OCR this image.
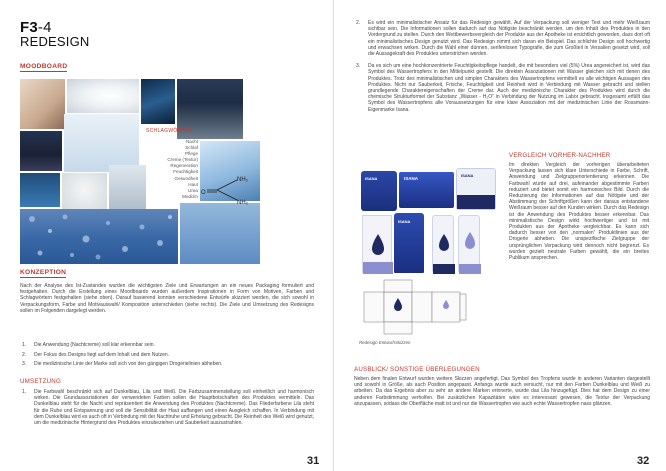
F3-4
REDESIGN
MOODBOARD
SCHLAGWÖRTER:
Nacht
Schlaf
Pflege
Creme (Textur)
Regeneration
Feuchtigkeit
Gesundheit
Haut
Urea
Medizin
NH₂
O
NH₂
KONZEPTION
Nach der Analyse des Ist-Zustandes wurden die wichtigsten Ziele und Erwartungen an ein neues Packaging formuliert und festgehalten. Durch die Erstellung eines Moodboards wurden außerdem Inspirationen in Form von Motiven, Farben und Schlagwörtern festgehalten (siehe oben). Darauf basierend konnten verschiedene Entwürfe skizziert werden, die sich sowohl in Verpackungsform, Farbe und Motivauswahl/ Komposition unterschieden (siehe rechts). Die Ziele und Umsetzung des Redesigns sollen im Folgenden dargelegt werden.
1.	Die Anwendung (Nachtcreme) soll klar erkennbar sein.
2.	Der Fokus des Designs liegt auf dem Inhalt und dem Nutzen.
3.	Die medizinische Linie der Marke soll sich von den gängigen Drogerielinien abheben.
UMSETZUNG
1.	Die Farbwahl beschränkt sich auf Dunkelblau, Lila und Weiß. Die Farbzusammenstellung soll einheitlich und harmonisch wirken. Die Grundassoziationen der verwendeten Farben sollen die Hauptbotschaften des Produktes vermitteln. Das Dunkelblau steht für die Nacht und repräsentiert die Anwendung des Produktes (Nachtcreme). Das Fliederfarbene Lila steht für die Ruhe und Entspannung und soll die Sensibilität der Haut auffangen und einen Ausgleich schaffen. In Verbindung mit dem Dunkelblau wird es auch oft in Verbindung mit der Nachtruhe und Erholung gebracht. Die Reinheit des Weiß wird genutzt, um die medizinische Hintergrund des Produktes einzubeziehen und Sauberkeit auszustrahlen.
31
2.	Es wird ein minimalistischer Ansatz für das Redesign gewählt. Auf der Verpackung soll weniger Text und mehr Weißraum sichtbar sein. Die Informationen sollen dadurch auf das Nötigste beschränkt werden, um den Inhalt des Produktes in den Vordergrund zu stellen. Durch den Wettbewerbsvergleich der Produkte aus der Apotheke ist ersichtlich geworden, dass dort oft ein minimalistisches Design genutzt wird. Das Redesign nimmt sich daran ein Beispiel. Das schlichte Design soll hochwertig und erwachsen wirken. Durch die Wahl einer dünnen, serifenlosen Typografie, die zum Großteil in Versalien gesetzt wird, soll die Aussagekraft des Produktes unterstrichen werden.
3.	Da es sich um eine hochkonzentrierte Feuchtigkeitspflege handelt, die mit besonders viel (5%) Urea angereichert ist, wird das Symbol des Wassertropfens in den Mittelpunkt gestellt. Die direkten Assoziationen mit Wasser gleichen sich mit denen des Produktes. Trotz des minimalistischen und simplen Charakters des Wassertropfens vermittelt es alle wichtigen Aussagen des Produktes. Nicht nur Sauberkeit, Frische, Feuchtigkeit und Reinheit wird in Verbindung mit Wasser gebracht und stellen grundlegende Charaktereigenschaften der Creme dar. Auch der medizinische Charakter des Produktes wird durch die chemische Strukturformel der Substanz „Wasser - H₂O“ in Verbindung der Nutzung im Labor gebracht. Insgesamt erfüllt das Symbol des Wassertropfens alle Voraussetzungen für eine klare Assoziation mit der medizinischen Linie der Rossmann-Eigenmarke Isana.
ISANA	ISANA
ISANA
ISANA
Redesign Entwurfsskizzen
VERGLEICH VORHER-NACHHER
Im direkten Vergleich der vorherigen überarbeiteten Verpackung lassen sich klare Unterschiede in Farbe, Schrift, Anwendung und Zielgruppenorientierung erkennen. Die Farbwahl wurde auf drei, aufeinander abgestimmte Farben reduziert und bietet somit ein harmonisches Bild. Durch die Reduzierung der Informationen auf das Nötigste und der Abstimmung der Schriftgrößen kann der daraus entstandene Weißraum besser auf den Kunden wirken. Durch das Redesign ist die Anwendung des Produktes besser erkennbar. Das minimalistische Design wirkt hochwertiger und ist mit Produkten aus der Apotheke vergleichbar. Es kann sich dadurch besser von den „normalen“ Produktlinien aus der Drogerie abheben. Die unspezifische Zielgruppe der ursprünglichen Verpackung wird dennoch nicht begrenzt. Es wurden gezielt neutrale Farben gewählt, die ein breites Publikum ansprechen.
AUSBLICK/ SONSTIGE ÜBERLEGUNGEN
Neben dem finalen Entwurf wurden weitere Skizzen angefertigt. Das Symbol des Tropfens wurde in anderen Varianten dargestellt und sowohl in Größe, als auch Position angepasst. Anfangs wurde auch versucht, nur mit den Farben Dunkelblau und Weiß zu arbeiten. Da das Ergebnis aber zu sehr an andere Marken erinnerte, wurde das Lila hinzugefügt. Dies hat dem Design zu einer anderen Farbstimmung verholfen. Bei zusätzlichen Kapazitäten wäre es interessant gewesen, die Textur der Verpackung anzupassen, sodass die Oberfläche matt ist und nur die Wassertropfen wie auch echte Wassertropfen nass glänzen.
32
